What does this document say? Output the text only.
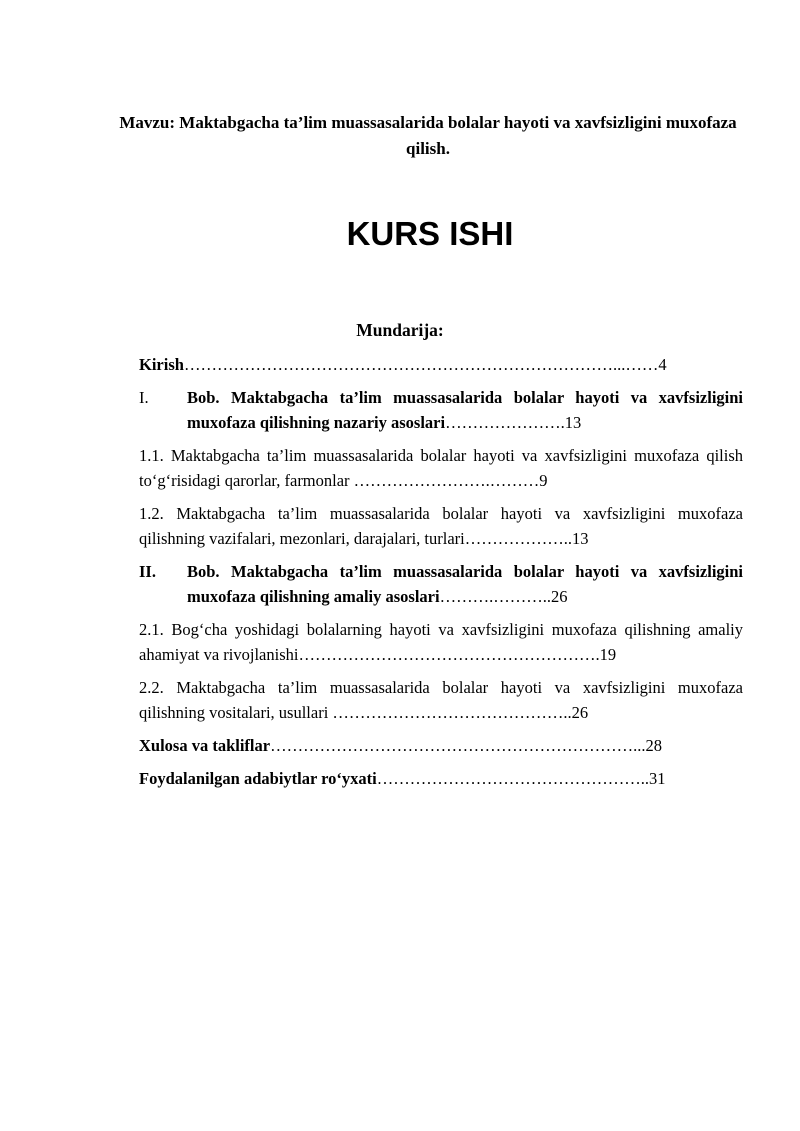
Mavzu: Maktabgacha ta’lim muassasalarida bolalar hayoti va xavfsizligini muxofaza qilish.
KURS ISHI
Mundarija:

Kirish……………………………………………………………………...……4

I.	Bob. Maktabgacha ta’lim muassasalarida bolalar hayoti va xavfsizligini muxofaza qilishning nazariy asoslari………………….13

1.1. Maktabgacha ta’lim muassasalarida bolalar hayoti va xavfsizligini muxofaza qilish to‘g‘risidagi qarorlar, farmonlar …………………….………9

1.2. Maktabgacha ta’lim muassasalarida bolalar hayoti va xavfsizligini muxofaza qilishning vazifalari, mezonlari, darajalari, turlari………………..13

II.	Bob. Maktabgacha ta’lim muassasalarida bolalar hayoti va xavfsizligini muxofaza qilishning amaliy asoslari……….………..26

2.1. Bog‘cha yoshidagi bolalarning hayoti va xavfsizligini muxofaza qilishning amaliy ahamiyat va rivojlanishi……………………………………………….19

2.2. Maktabgacha ta’lim muassasalarida bolalar hayoti va xavfsizligini muxofaza qilishning vositalari, usullari ……………………………………..26

Xulosa va takliflar…………………………………………………………...28

Foydalanilgan adabiytlar ro‘yxati…………………………………………..31
